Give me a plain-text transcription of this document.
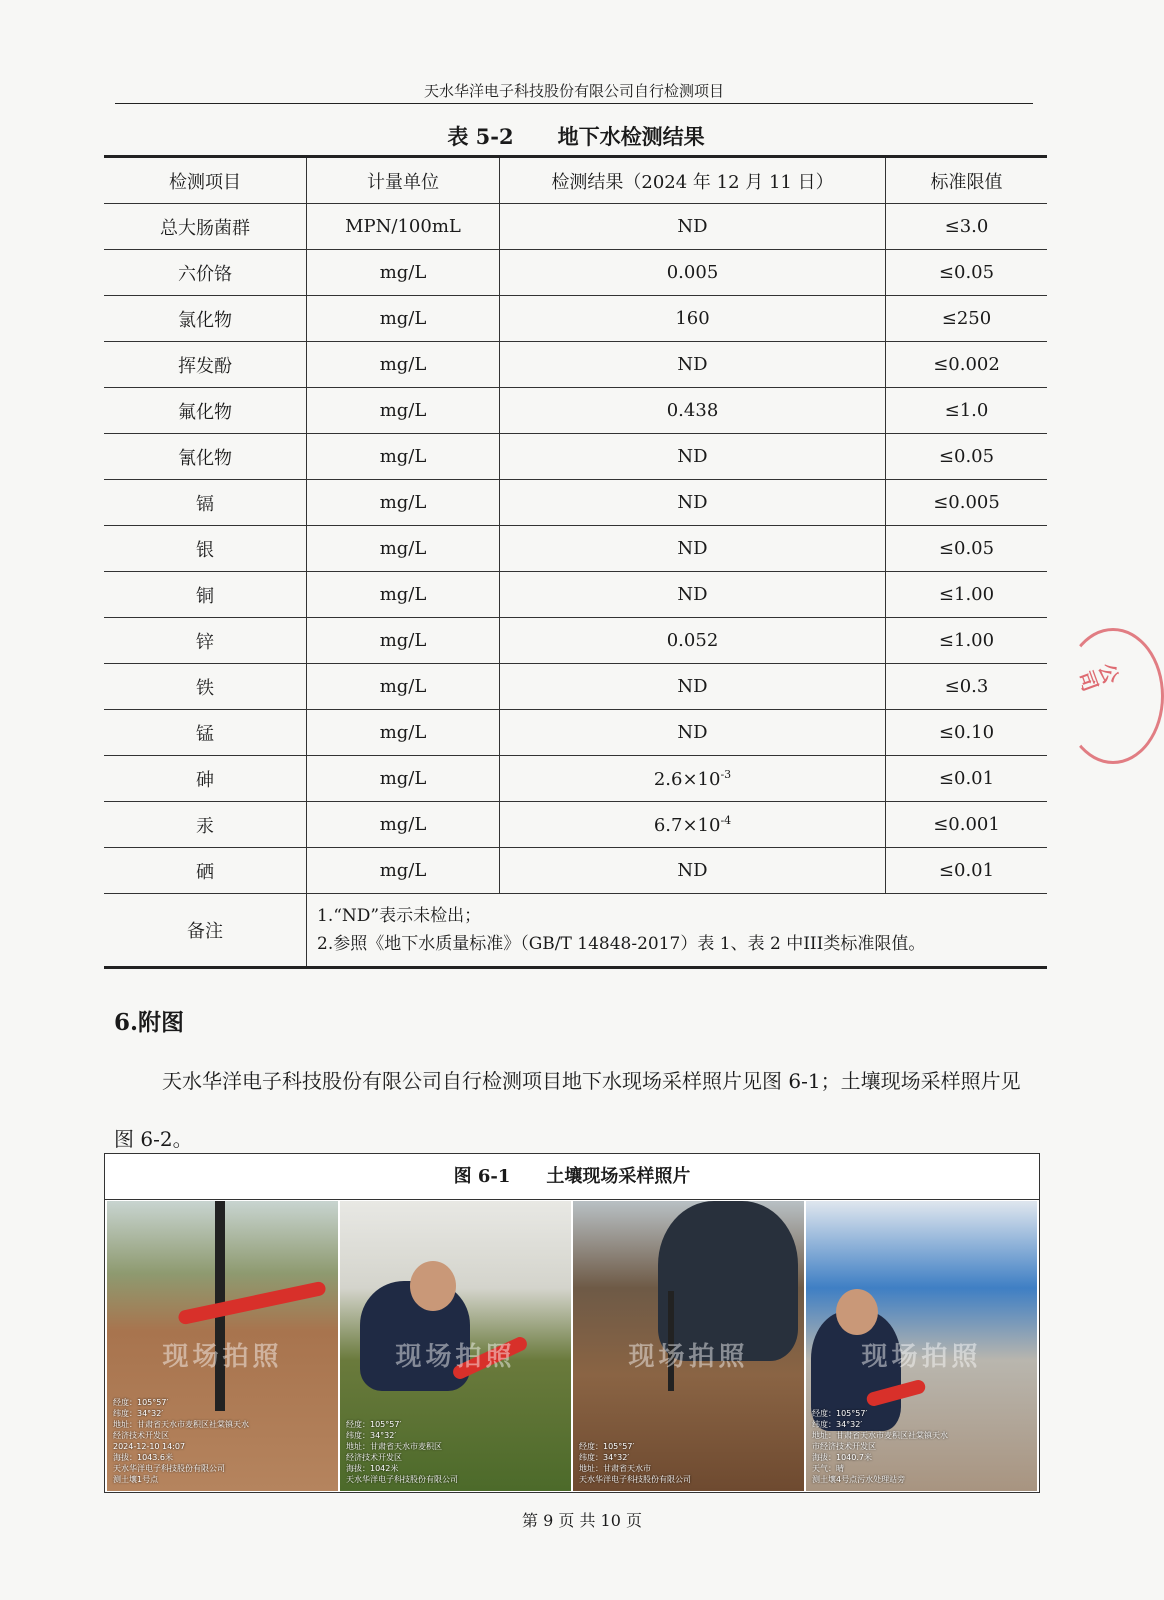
天水华洋电子科技股份有限公司自行检测项目
表 5-2 地下水检测结果
检测项目	计量单位	检测结果（2024 年 12 月 11 日）	标准限值
总大肠菌群	MPN/100mL	ND	≤3.0
六价铬	mg/L	0.005	≤0.05
氯化物	mg/L	160	≤250
挥发酚	mg/L	ND	≤0.002
氟化物	mg/L	0.438	≤1.0
氰化物	mg/L	ND	≤0.05
镉	mg/L	ND	≤0.005
银	mg/L	ND	≤0.05
铜	mg/L	ND	≤1.00
锌	mg/L	0.052	≤1.00
铁	mg/L	ND	≤0.3
锰	mg/L	ND	≤0.10
砷	mg/L	$2.6\times 10^{-3}$	≤0.01
汞	mg/L	$6.7\times 10^{-4}$	≤0.001
硒	mg/L	ND	≤0.01
备注	1.“ND”表示未检出；
2.参照《地下水质量标准》（GB/T 14848-2017）表 1、表 2 中III类标准限值。		
6.附图
天水华洋电子科技股份有限公司自行检测项目地下水现场采样照片见图 6-1；土壤现场采样照片见图 6-2。
图 6-1 土壤现场采样照片
现场拍照
经度：105°57′
纬度：34°32′
地址：甘肃省天水市麦积区社棠镇天水
经济技术开发区
2024-12-10 14:07
海拔：1043.6米
天水华洋电子科技股份有限公司
测土壤1号点
现场拍照
经度：105°57′
纬度：34°32′
地址：甘肃省天水市麦积区
经济技术开发区
海拔：1042米
天水华洋电子科技股份有限公司
现场拍照
经度：105°57′
纬度：34°32′
地址：甘肃省天水市
天水华洋电子科技股份有限公司
现场拍照
经度：105°57′
纬度：34°32′
地址：甘肃省天水市麦积区社棠镇天水
市经济技术开发区
海拔：1040.7米
天气：晴
测土壤4号点污水处理站旁
公司
第 9 页 共 10 页
